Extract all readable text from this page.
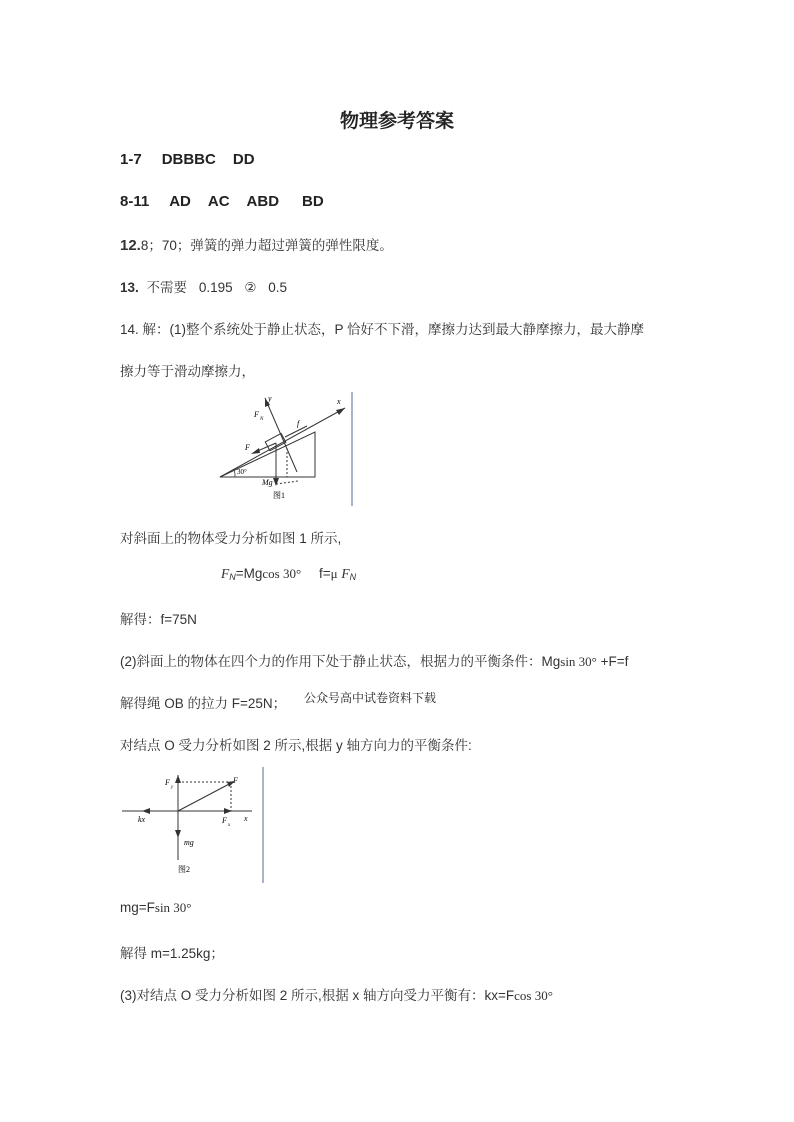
物理参考答案
1-7 DBBBC DD
8-11 AD AC ABD BD
12.8；70；弹簧的弹力超过弹簧的弹性限度。
13. 不需要 0.195 ② 0.5
14. 解：(1)整个系统处于静止状态，P 恰好不下滑，摩擦力达到最大静摩擦力，最大静摩
擦力等于滑动摩擦力，
30°
y	x
F
N	f
F
Mg
图1
对斜面上的物体受力分析如图 1 所示,
$F_N=Mgcos$ 30° f=μ $F_N$
解得：f=75N
(2)斜面上的物体在四个力的作用下处于静止状态，根据力的平衡条件：Mgsin 30° +F=f
解得绳 OB 的拉力 F=25N； 公众号高中试卷资料下载
对结点 O 受力分析如图 2 所示,根据 y 轴方向力的平衡条件:
F
y
F
kx	F
x
x
mg
图2
mg=Fsin 30°
解得 m=1.25kg；
(3)对结点 O 受力分析如图 2 所示,根据 x 轴方向受力平衡有：kx=Fcos 30°
